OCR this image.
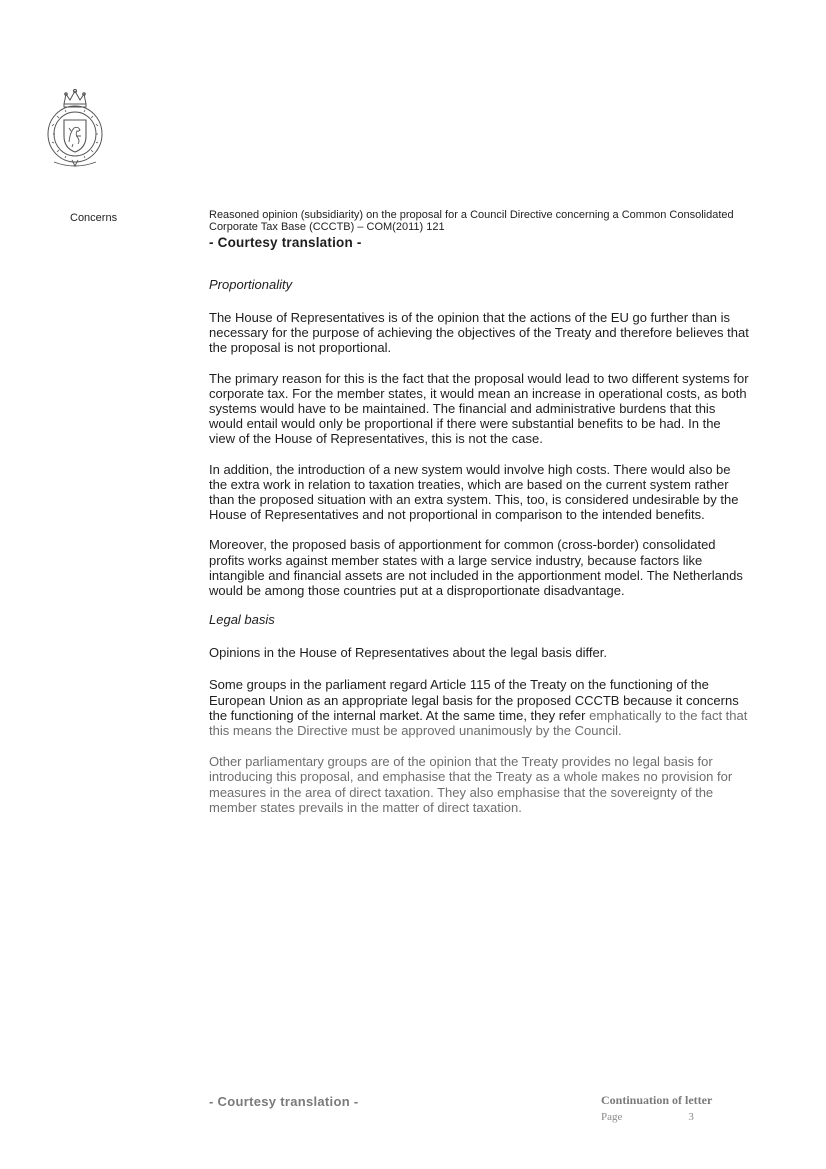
Concerns	Reasoned opinion (subsidiarity) on the proposal for a Council Directive concerning a Common Consolidated

Corporate Tax Base (CCCTB) – COM(2011) 121

- Courtesy translation -

Proportionality

The House of Representatives is of the opinion that the actions of the EU go further than is necessary for the purpose of achieving the objectives of the Treaty and therefore believes that the proposal is not proportional.

The primary reason for this is the fact that the proposal would lead to two different systems for corporate tax. For the member states, it would mean an increase in operational costs, as both systems would have to be maintained. The financial and administrative burdens that this would entail would only be proportional if there were substantial benefits to be had. In the view of the House of Representatives, this is not the case.

In addition, the introduction of a new system would involve high costs. There would also be the extra work in relation to taxation treaties, which are based on the current system rather than the proposed situation with an extra system. This, too, is considered undesirable by the House of Representatives and not proportional in comparison to the intended benefits.

Moreover, the proposed basis of apportionment for common (cross-border) consolidated profits works against member states with a large service industry, because factors like intangible and financial assets are not included in the apportionment model. The Netherlands would be among those countries put at a disproportionate disadvantage.

Legal basis

Opinions in the House of Representatives about the legal basis differ.

Some groups in the parliament regard Article 115 of the Treaty on the functioning of the European Union as an appropriate legal basis for the proposed CCCTB because it concerns the functioning of the internal market. At the same time, they refer emphatically to the fact that this means the Directive must be approved unanimously by the Council.

Other parliamentary groups are of the opinion that the Treaty provides no legal basis for introducing this proposal, and emphasise that the Treaty as a whole makes no provision for measures in the area of direct taxation. They also emphasise that the sovereignty of the member states prevails in the matter of direct taxation.

- Courtesy translation -	Continuation of letter
Page	3
